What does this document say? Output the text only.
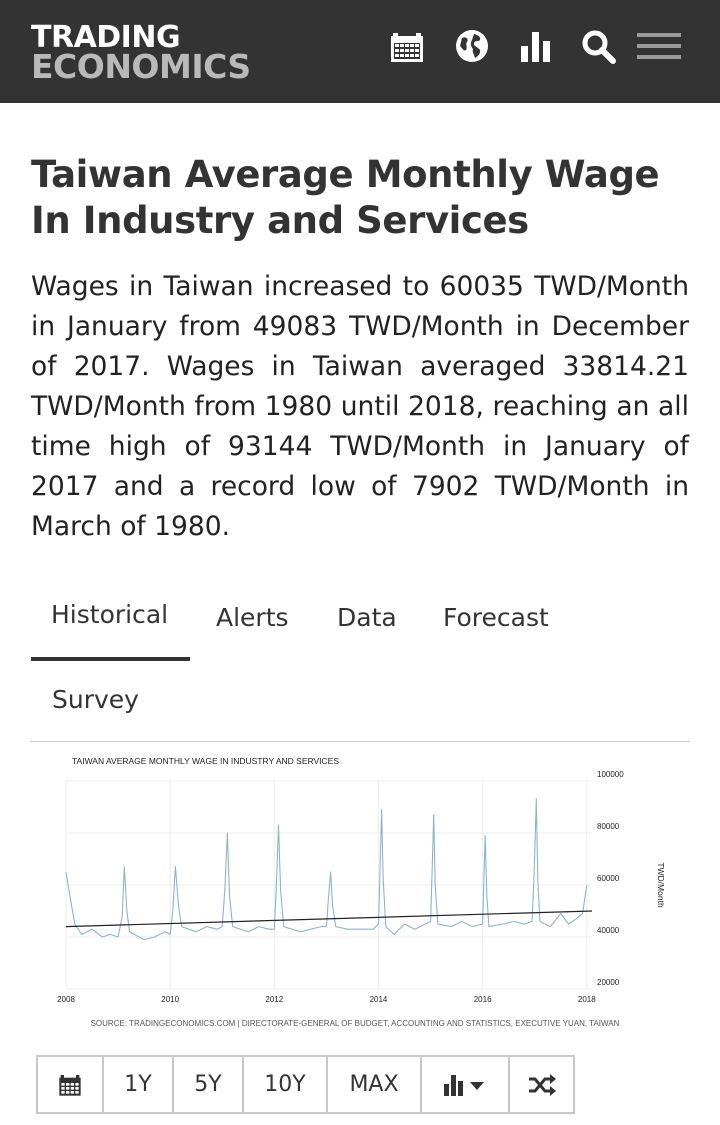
TRADING
ECONOMICS
Taiwan Average Monthly Wage In Industry and Services

Wages in Taiwan increased to 60035 TWD/Month in January from 49083 TWD/Month in December of 2017. Wages in Taiwan averaged 33814.21 TWD/Month from 1980 until 2018, reaching an all time high of 93144 TWD/Month in January of 2017 and a record low of 7902 TWD/Month in March of 1980.

Historical Alerts Data Forecast
Survey
TAIWAN AVERAGE MONTHLY WAGE IN INDUSTRY AND SERVICES
20000
40000
60000
80000
100000
2008	2010	2012	2014	2016	2018
TWD/Month
SOURCE: TRADINGECONOMICS.COM | DIRECTORATE-GENERAL OF BUDGET, ACCOUNTING AND STATISTICS, EXECUTIVE YUAN, TAIWAN
1Y	5Y	10Y	MAX
